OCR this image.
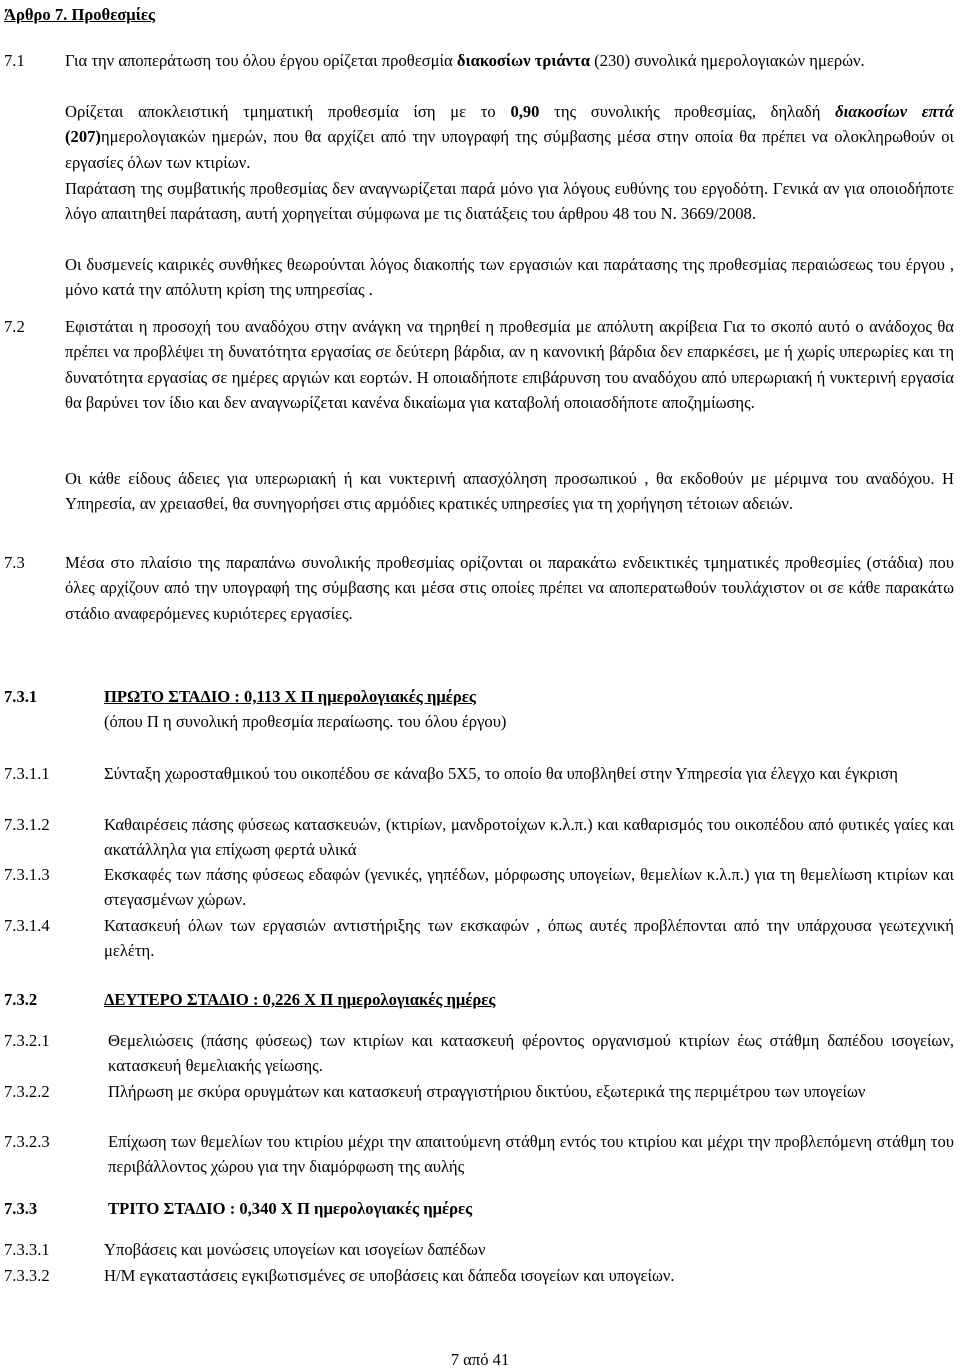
Άρθρο 7. Προθεσμίες
7.1 Για την αποπεράτωση του όλου έργου ορίζεται προθεσμία διακοσίων τριάντα (230) συνολικά ημερολογιακών ημερών.
Ορίζεται αποκλειστική τμηματική προθεσμία ίση με το 0,90 της συνολικής προθεσμίας, δηλαδή διακοσίων επτά (207)ημερολογιακών ημερών, που θα αρχίζει από την υπογραφή της σύμβασης μέσα στην οποία θα πρέπει να ολοκληρωθούν οι εργασίες όλων των κτιρίων.
Παράταση της συμβατικής προθεσμίας δεν αναγνωρίζεται παρά μόνο για λόγους ευθύνης του εργοδότη. Γενικά αν για οποιοδήποτε λόγο απαιτηθεί παράταση, αυτή χορηγείται σύμφωνα με τις διατάξεις του άρθρου 48 του Ν. 3669/2008.
Οι δυσμενείς καιρικές συνθήκες θεωρούνται λόγος διακοπής των εργασιών και παράτασης της προθεσμίας περαιώσεως του έργου , μόνο κατά την απόλυτη κρίση της υπηρεσίας .
7.2 Εφιστάται η προσοχή του αναδόχου στην ανάγκη να τηρηθεί η προθεσμία με απόλυτη ακρίβεια Για το σκοπό αυτό ο ανάδοχος θα πρέπει να προβλέψει τη δυνατότητα εργασίας σε δεύτερη βάρδια, αν η κανονική βάρδια δεν επαρκέσει, με ή χωρίς υπερωρίες και τη δυνατότητα εργασίας σε ημέρες αργιών και εορτών. Η οποιαδήποτε επιβάρυνση του αναδόχου από υπερωριακή ή νυκτερινή εργασία θα βαρύνει τον ίδιο και δεν αναγνωρίζεται κανένα δικαίωμα για καταβολή οποιασδήποτε αποζημίωσης.
Οι κάθε είδους άδειες για υπερωριακή ή και νυκτερινή απασχόληση προσωπικού , θα εκδοθούν με μέριμνα του αναδόχου. Η Υπηρεσία, αν χρειασθεί, θα συνηγορήσει στις αρμόδιες κρατικές υπηρεσίες για τη χορήγηση τέτοιων αδειών.
7.3 Μέσα στο πλαίσιο της παραπάνω συνολικής προθεσμίας ορίζονται οι παρακάτω ενδεικτικές τμηματικές προθεσμίες (στάδια) που όλες αρχίζουν από την υπογραφή της σύμβασης και μέσα στις οποίες πρέπει να αποπερατωθούν τουλάχιστον οι σε κάθε παρακάτω στάδιο αναφερόμενες κυριότερες εργασίες.
7.3.1	ΠΡΩΤΟ ΣΤΑΔΙΟ : 0,113 Χ Π ημερολογιακές ημέρες
(όπου Π η συνολική προθεσμία περαίωσης. του όλου έργου)
7.3.1.1	Σύνταξη χωροσταθμικού του οικοπέδου σε κάναβο 5Χ5, το οποίο θα υποβληθεί στην Υπηρεσία για έλεγχο και έγκριση
7.3.1.2	Καθαιρέσεις πάσης φύσεως κατασκευών, (κτιρίων, μανδροτοίχων κ.λ.π.) και καθαρισμός του οικοπέδου από φυτικές γαίες και ακατάλληλα για επίχωση φερτά υλικά
7.3.1.3	Εκσκαφές των πάσης φύσεως εδαφών (γενικές, γηπέδων, μόρφωσης υπογείων, θεμελίων κ.λ.π.) για τη θεμελίωση κτιρίων και στεγασμένων χώρων.
7.3.1.4	Κατασκευή όλων των εργασιών αντιστήριξης των εκσκαφών , όπως αυτές προβλέπονται από την υπάρχουσα γεωτεχνική μελέτη.
7.3.2	ΔΕΥΤΕΡΟ ΣΤΑΔΙΟ : 0,226 Χ Π ημερολογιακές ημέρες
7.3.2.1	Θεμελιώσεις (πάσης φύσεως) των κτιρίων και κατασκευή φέροντος οργανισμού κτιρίων έως στάθμη δαπέδου ισογείων, κατασκευή θεμελιακής γείωσης.
7.3.2.2	Πλήρωση με σκύρα ορυγμάτων και κατασκευή στραγγιστήριου δικτύου, εξωτερικά της περιμέτρου των υπογείων
7.3.2.3	Επίχωση των θεμελίων του κτιρίου μέχρι την απαιτούμενη στάθμη εντός του κτιρίου και μέχρι την προβλεπόμενη στάθμη του περιβάλλοντος χώρου για την διαμόρφωση της αυλής
7.3.3	ΤΡΙΤΟ ΣΤΑΔΙΟ : 0,340 Χ Π ημερολογιακές ημέρες
7.3.3.1	Υποβάσεις και μονώσεις υπογείων και ισογείων δαπέδων
7.3.3.2	Η/Μ εγκαταστάσεις εγκιβωτισμένες σε υποβάσεις και δάπεδα ισογείων και υπογείων.
7 από 41
